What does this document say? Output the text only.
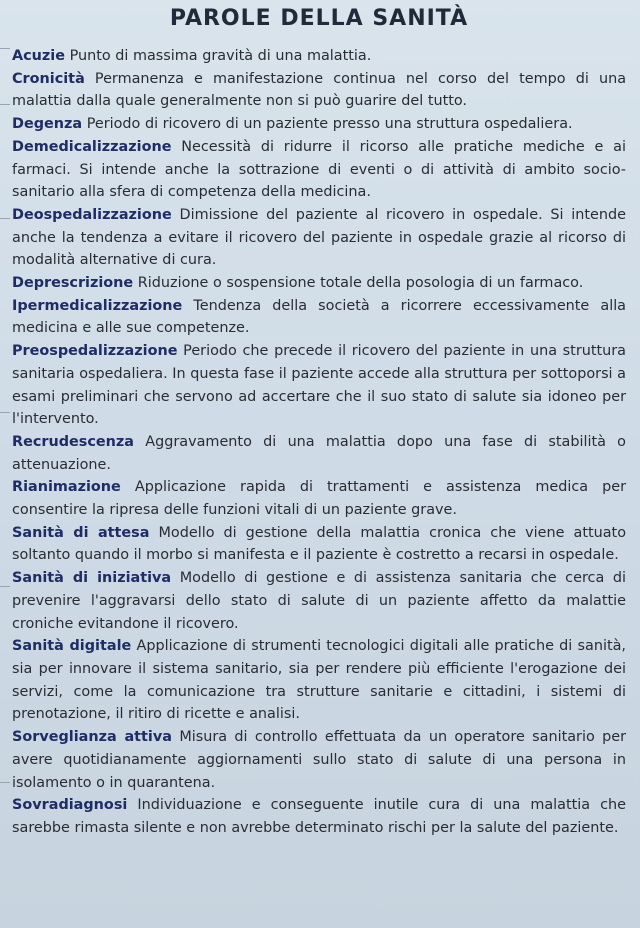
PAROLE DELLA SANITÀ

Acuzie Punto di massima gravità di una malattia.

Cronicità Permanenza e manifestazione continua nel corso del tempo di una malattia dalla quale generalmente non si può guarire del tutto.

Degenza Periodo di ricovero di un paziente presso una struttura ospedaliera.

Demedicalizzazione Necessità di ridurre il ricorso alle pratiche mediche e ai farmaci. Si intende anche la sottrazione di eventi o di attività di ambito socio-sanitario alla sfera di competenza della medicina.

Deospedalizzazione Dimissione del paziente al ricovero in ospedale. Si intende anche la tendenza a evitare il ricovero del paziente in ospedale grazie al ricorso di modalità alternative di cura.

Deprescrizione Riduzione o sospensione totale della posologia di un farmaco.

Ipermedicalizzazione Tendenza della società a ricorrere eccessivamente alla medicina e alle sue competenze.

Preospedalizzazione Periodo che precede il ricovero del paziente in una struttura sanitaria ospedaliera. In questa fase il paziente accede alla struttura per sottoporsi a esami preliminari che servono ad accertare che il suo stato di salute sia idoneo per l'intervento.

Recrudescenza Aggravamento di una malattia dopo una fase di stabilità o attenuazione.

Rianimazione Applicazione rapida di trattamenti e assistenza medica per consentire la ripresa delle funzioni vitali di un paziente grave.

Sanità di attesa Modello di gestione della malattia cronica che viene attuato soltanto quando il morbo si manifesta e il paziente è costretto a recarsi in ospedale.

Sanità di iniziativa Modello di gestione e di assistenza sanitaria che cerca di prevenire l'aggravarsi dello stato di salute di un paziente affetto da malattie croniche evitandone il ricovero.

Sanità digitale Applicazione di strumenti tecnologici digitali alle pratiche di sanità, sia per innovare il sistema sanitario, sia per rendere più efficiente l'erogazione dei servizi, come la comunicazione tra strutture sanitarie e cittadini, i sistemi di prenotazione, il ritiro di ricette e analisi.

Sorveglianza attiva Misura di controllo effettuata da un operatore sanitario per avere quotidianamente aggiornamenti sullo stato di salute di una persona in isolamento o in quarantena.

Sovradiagnosi Individuazione e conseguente inutile cura di una malattia che sarebbe rimasta silente e non avrebbe determinato rischi per la salute del paziente.
